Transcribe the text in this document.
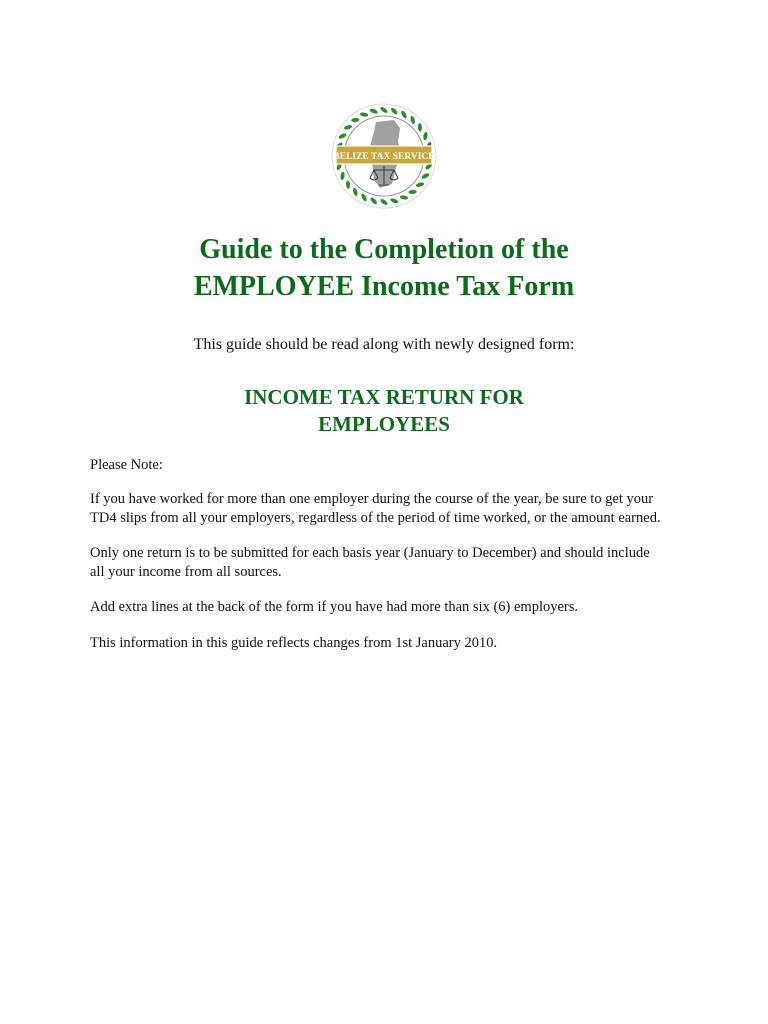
BELIZE TAX SERVICE
Guide to the Completion of the
EMPLOYEE Income Tax Form
This guide should be read along with newly designed form:
INCOME TAX RETURN FOR
EMPLOYEES
Please Note:
If you have worked for more than one employer during the course of the year, be sure to get your
TD4 slips from all your employers, regardless of the period of time worked, or the amount earned.
Only one return is to be submitted for each basis year (January to December) and should include
all your income from all sources.
Add extra lines at the back of the form if you have had more than six (6) employers.
This information in this guide reflects changes from 1st January 2010.
